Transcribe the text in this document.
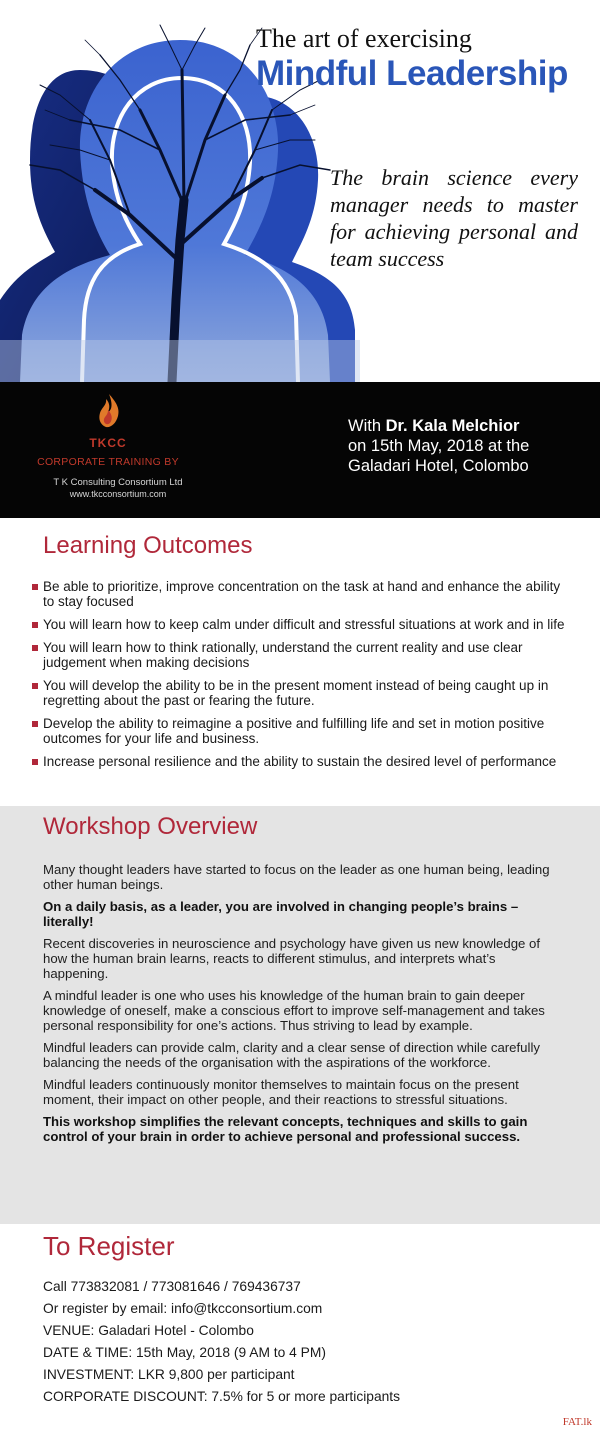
The art of exercising
Mindful Leadership
The brain science every manager needs to master for achieving personal and team success
TKCC
CORPORATE TRAINING BY
T K Consulting Consortium Ltd
www.tkcconsortium.com
With Dr. Kala Melchior
on 15th May, 2018 at the
Galadari Hotel, Colombo
Learning Outcomes
Be able to prioritize, improve concentration on the task at hand and enhance the ability to stay focused
You will learn how to keep calm under difficult and stressful situations at work and in life
You will learn how to think rationally, understand the current reality and use clear judgement when making decisions
You will develop the ability to be in the present moment instead of being caught up in regretting about the past or fearing the future.
Develop the ability to reimagine a positive and fulfilling life and set in motion positive outcomes for your life and business.
Increase personal resilience and the ability to sustain the desired level of performance
Workshop Overview

Many thought leaders have started to focus on the leader as one human being, leading other human beings.

On a daily basis, as a leader, you are involved in changing people’s brains –literally!

Recent discoveries in neuroscience and psychology have given us new knowledge of how the human brain learns, reacts to different stimulus, and interprets what’s happening.

A mindful leader is one who uses his knowledge of the human brain to gain deeper knowledge of oneself, make a conscious effort to improve self-management and takes personal responsibility for one’s actions. Thus striving to lead by example.

Mindful leaders can provide calm, clarity and a clear sense of direction while carefully balancing the needs of the organisation with the aspirations of the workforce.

Mindful leaders continuously monitor themselves to maintain focus on the present moment, their impact on other people, and their reactions to stressful situations.

This workshop simplifies the relevant concepts, techniques and skills to gain control of your brain in order to achieve personal and professional success.

To Register
Call 773832081 / 773081646 / 769436737
Or register by email: info@tkcconsortium.com
VENUE: Galadari Hotel - Colombo
DATE & TIME: 15th May, 2018 (9 AM to 4 PM)
INVESTMENT: LKR 9,800 per participant
CORPORATE DISCOUNT: 7.5% for 5 or more participants
FAT.lk
